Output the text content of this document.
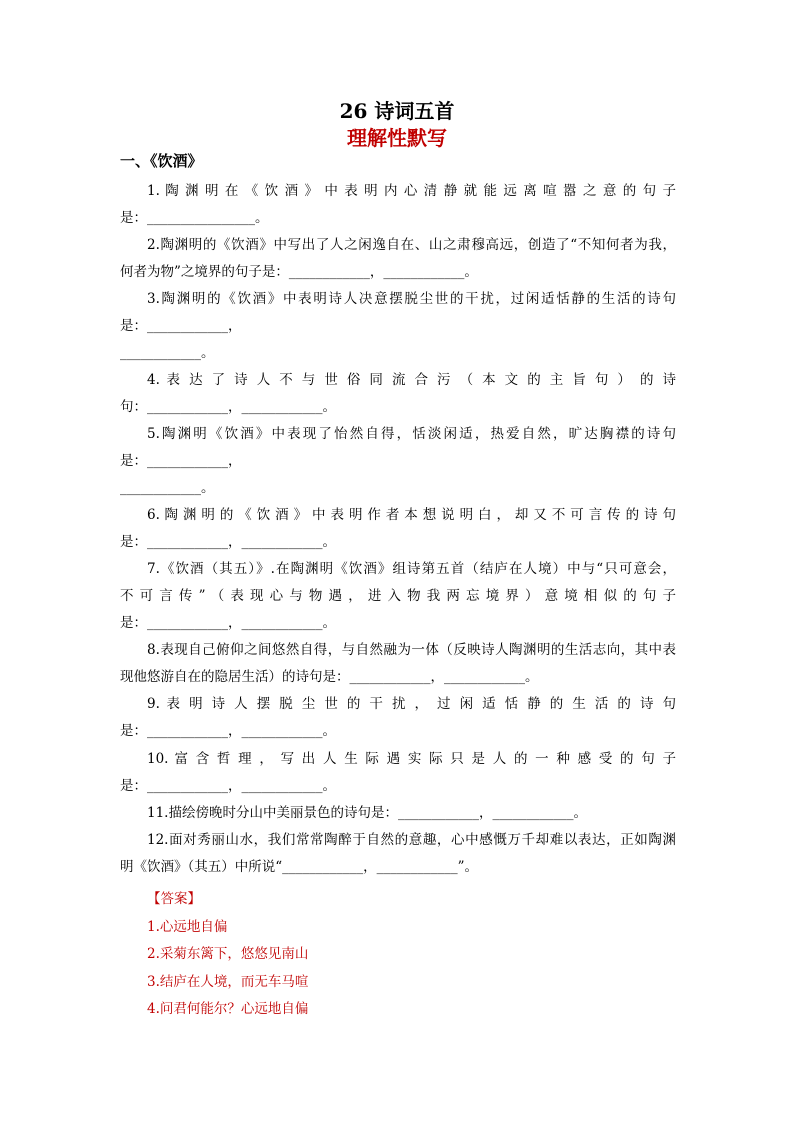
26 诗词五首
理解性默写
一、《饮酒》
1. 陶 渊 明 在 《 饮 酒 》 中 表 明 内 心 清 静 就 能 远 离 喧 嚣 之 意 的 句 子
是：________________。
2.陶渊明的《饮酒》中写出了人之闲逸自在、山之肃穆高远，创造了“不知何者为我，
何者为物”之境界的句子是：____________，____________。
3.陶渊明的《饮酒》中表明诗人决意摆脱尘世的干扰，过闲适恬静的生活的诗句
是：____________，
____________。
4. 表 达 了 诗 人 不 与 世 俗 同 流 合 污 （ 本 文 的 主 旨 句 ） 的 诗
句：____________，____________。
5.陶渊明《饮酒》中表现了怡然自得，恬淡闲适，热爱自然，旷达胸襟的诗句
是：____________，
____________。
6. 陶 渊 明 的 《 饮 酒 》 中 表 明 作 者 本 想 说 明 白 ， 却 又 不 可 言 传 的 诗 句
是：____________，____________。
7.《饮酒（其五）》.在陶渊明《饮酒》组诗第五首（结庐在人境）中与“只可意会，
不 可 言 传 ” （ 表 现 心 与 物 遇 ， 进 入 物 我 两 忘 境 界 ） 意 境 相 似 的 句 子
是：____________，____________。
8.表现自己俯仰之间悠然自得，与自然融为一体（反映诗人陶渊明的生活志向，其中表
现他悠游自在的隐居生活）的诗句是：____________，____________。
9. 表 明 诗 人 摆 脱 尘 世 的 干 扰 ， 过 闲 适 恬 静 的 生 活 的 诗 句
是：____________，____________。
10. 富 含 哲 理 ， 写 出 人 生 际 遇 实 际 只 是 人 的 一 种 感 受 的 句 子
是：____________，____________。
11.描绘傍晚时分山中美丽景色的诗句是：____________，____________。
12.面对秀丽山水，我们常常陶醉于自然的意趣，心中感慨万千却难以表达，正如陶渊
明《饮酒》（其五）中所说“____________，____________”。
【答案】
1.心远地自偏
2.采菊东篱下，悠悠见南山
3.结庐在人境，而无车马喧
4.问君何能尔？心远地自偏
